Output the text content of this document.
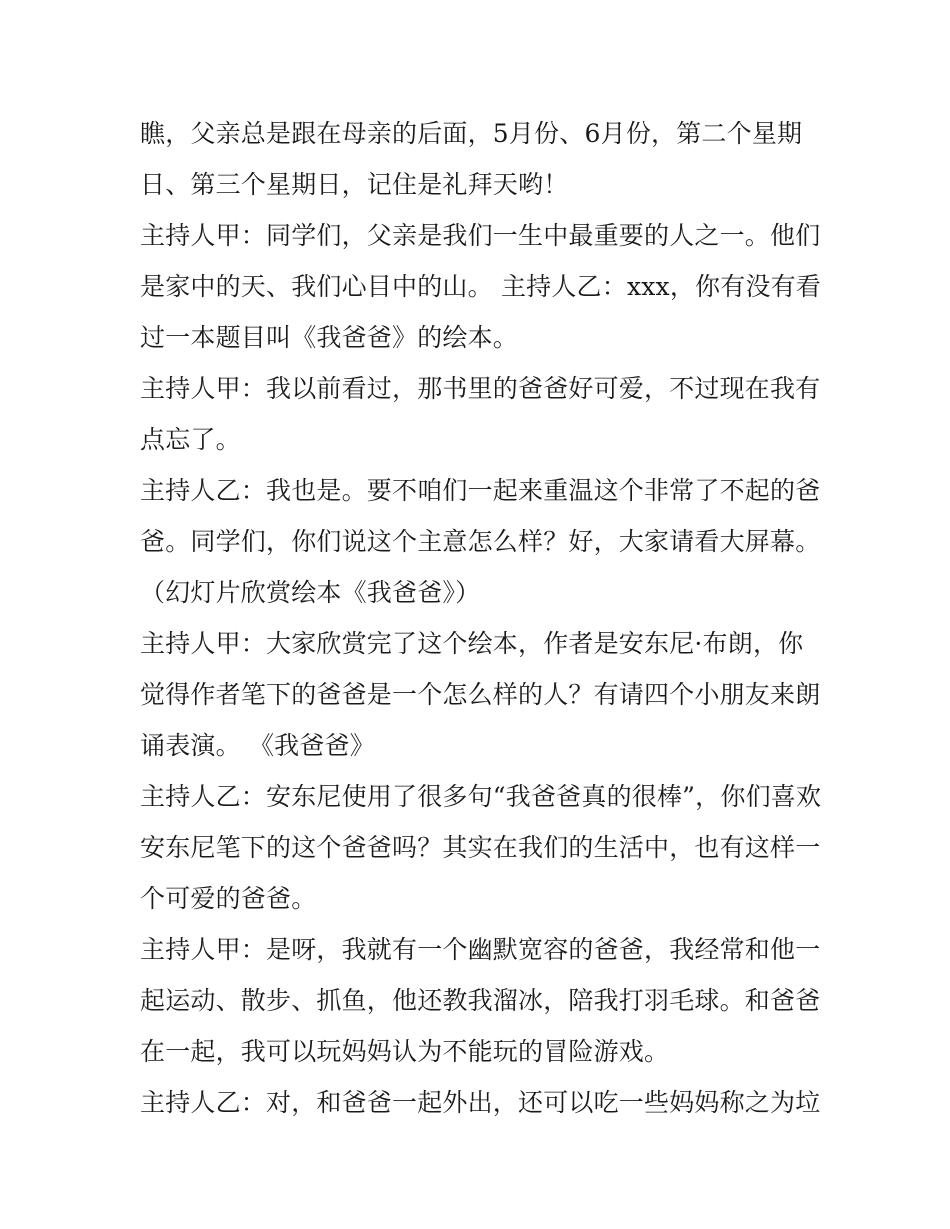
瞧，父亲总是跟在母亲的后面，5月份、6月份，第二个星期
日、第三个星期日，记住是礼拜天哟！
主持人甲：同学们，父亲是我们一生中最重要的人之一。他们
是家中的天、我们心目中的山。 主持人乙：xxx，你有没有看
过一本题目叫《我爸爸》的绘本。
主持人甲：我以前看过，那书里的爸爸好可爱，不过现在我有
点忘了。
主持人乙：我也是。要不咱们一起来重温这个非常了不起的爸
爸。同学们，你们说这个主意怎么样？好，大家请看大屏幕。
（幻灯片欣赏绘本《我爸爸》）
主持人甲：大家欣赏完了这个绘本，作者是安东尼·布朗，你
觉得作者笔下的爸爸是一个怎么样的人？有请四个小朋友来朗
诵表演。 《我爸爸》
主持人乙：安东尼使用了很多句“我爸爸真的很棒”，你们喜欢
安东尼笔下的这个爸爸吗？其实在我们的生活中，也有这样一
个可爱的爸爸。
主持人甲：是呀，我就有一个幽默宽容的爸爸，我经常和他一
起运动、散步、抓鱼，他还教我溜冰，陪我打羽毛球。和爸爸
在一起，我可以玩妈妈认为不能玩的冒险游戏。
主持人乙：对，和爸爸一起外出，还可以吃一些妈妈称之为垃
